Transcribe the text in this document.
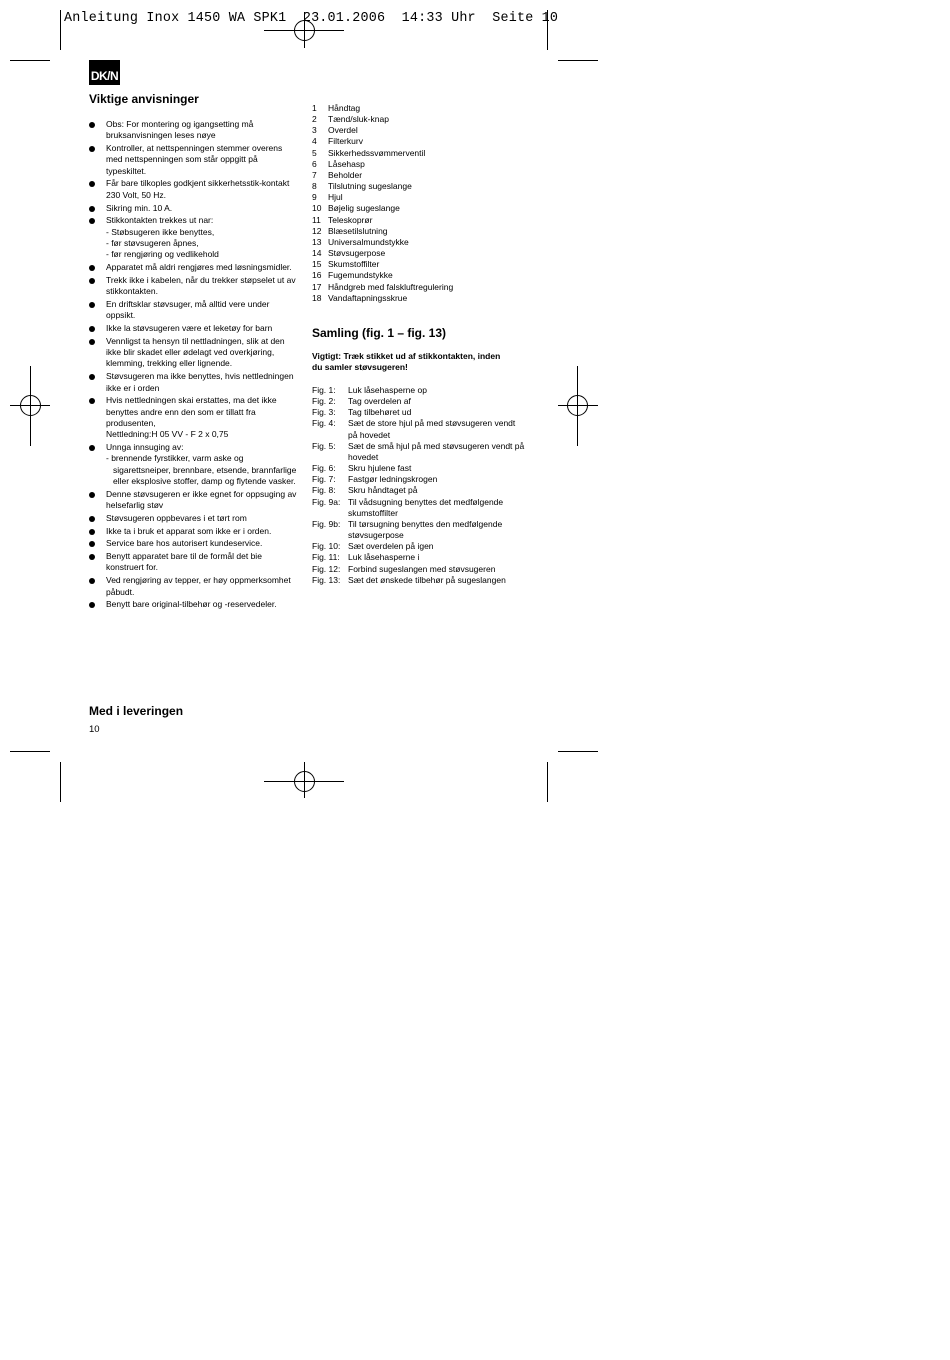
Anleitung Inox 1450 WA SPK1  23.01.2006  14:33 Uhr  Seite 10
DK/N
Viktige anvisninger
Obs: For montering og igangsetting må bruksanvisningen leses nøye
Kontroller, at nettspenningen stemmer overens med nettspenningen som står oppgitt på typeskiltet.
Får bare tilkoples godkjent sikkerhetsstik-kontakt 230 Volt, 50 Hz.
Sikring min. 10 A.
Stikkontakten trekkes ut nar:
- Støbsugeren ikke benyttes,
- før støvsugeren åpnes,
- før rengjøring og vedlikehold
Apparatet må aldri rengjøres med løsningsmidler.
Trekk ikke i kabelen, når du trekker støpselet ut av stikkontakten.
En driftsklar støvsuger, må alltid vere under oppsikt.
Ikke la støvsugeren være et leketøy for barn
Vennligst ta hensyn til nettladningen, slik at den ikke blir skadet eller ødelagt ved overkjøring, klemming, trekking eller lignende.
Støvsugeren ma ikke benyttes, hvis nettledningen ikke er i orden
Hvis nettledningen skai erstattes, ma det ikke benyttes andre enn den som er tillatt fra produsenten,
Nettledning:H 05 VV - F 2 x 0,75
Unnga innsuging av:
- brennende fyrstikker, varm aske og sigarettsneiper, brennbare, etsende, brannfarlige eller eksplosive stoffer, damp og flytende vasker.
Denne støvsugeren er ikke egnet for oppsuging av helsefarlig støv
Støvsugeren oppbevares i et tørt rom
Ikke ta i bruk et apparat som ikke er i orden.
Service bare hos autorisert kundeservice.
Benytt apparatet bare til de formål det bie konstruert for.
Ved rengjøring av tepper, er høy oppmerksomhet påbudt.
Benytt bare original-tilbehør og -reservedeler.
Med i leveringen
10
1	Håndtag
2	Tænd/sluk-knap
3	Overdel
4	Filterkurv
5	Sikkerhedssvømmerventil
6	Låsehasp
7	Beholder
8	Tilslutning sugeslange
9	Hjul
10 Bøjelig sugeslange
11 Teleskoprør
12 Blæsetilslutning
13 Universalmundstykke
14 Støvsugerpose
15 Skumstoffilter
16 Fugemundstykke
17 Håndgreb med falskluftregulering
18 Vandaftapningsskrue
Samling (fig. 1 – fig. 13)
Vigtigt: Træk stikket ud af stikkontakten, inden du samler støvsugeren!
Fig. 1:	Luk låsehasperne op
Fig. 2:	Tag overdelen af
Fig. 3:	Tag tilbehøret ud
Fig. 4:	Sæt de store hjul på med støvsugeren vendt på hovedet
Fig. 5:	Sæt de små hjul på med støvsugeren vendt på hovedet
Fig. 6:	Skru hjulene fast
Fig. 7:	Fastgør ledningskrogen
Fig. 8:	Skru håndtaget på
Fig. 9a: Til vådsugning benyttes det medfølgende skumstoffilter
Fig. 9b: Til tørsugning benyttes den medfølgende støvsugerpose
Fig. 10: Sæt overdelen på igen
Fig. 11: Luk låsehasperne i
Fig. 12: Forbind sugeslangen med støvsugeren
Fig. 13: Sæt det ønskede tilbehør på sugeslangen
